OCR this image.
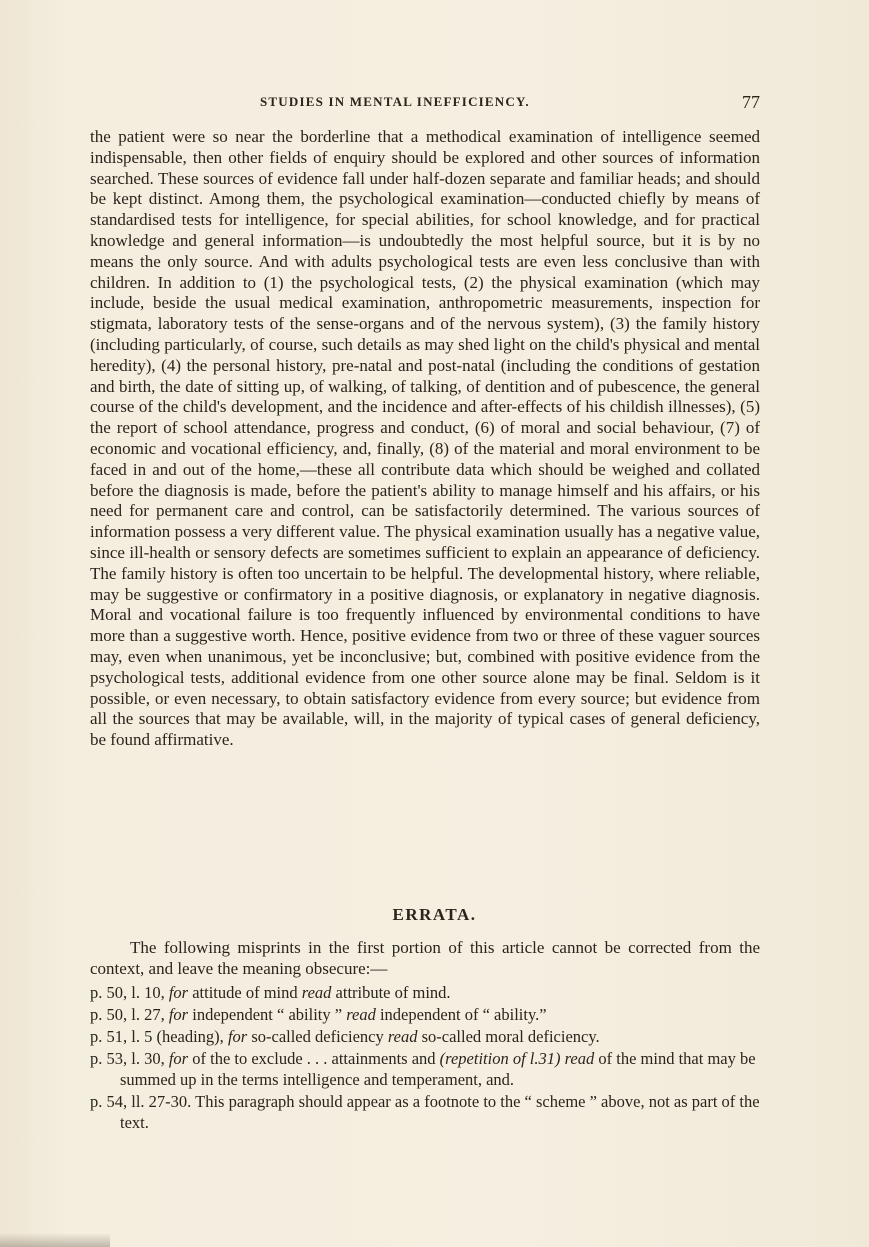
STUDIES IN MENTAL INEFFICIENCY.	77

the patient were so near the borderline that a methodical examination of intelligence seemed indispensable, then other fields of enquiry should be explored and other sources of information searched. These sources of evidence fall under half-dozen separate and familiar heads; and should be kept distinct. Among them, the psychological examination—conducted chiefly by means of standardised tests for intelligence, for special abilities, for school knowledge, and for practical knowledge and general information—is undoubtedly the most helpful source, but it is by no means the only source. And with adults psychological tests are even less conclusive than with children. In addition to (1) the psychological tests, (2) the physical examination (which may include, beside the usual medical examination, anthropometric measurements, inspection for stigmata, laboratory tests of the sense-organs and of the nervous system), (3) the family history (including particularly, of course, such details as may shed light on the child's physical and mental heredity), (4) the personal history, pre-natal and post-natal (including the conditions of gestation and birth, the date of sitting up, of walking, of talking, of dentition and of pubescence, the general course of the child's development, and the incidence and after-effects of his childish illnesses), (5) the report of school attendance, progress and conduct, (6) of moral and social behaviour, (7) of economic and vocational efficiency, and, finally, (8) of the material and moral environment to be faced in and out of the home,—these all contribute data which should be weighed and collated before the diagnosis is made, before the patient's ability to manage himself and his affairs, or his need for permanent care and control, can be satisfactorily determined. The various sources of information possess a very different value. The physical examination usually has a negative value, since ill-health or sensory defects are sometimes sufficient to explain an appearance of deficiency. The family history is often too uncertain to be helpful. The developmental history, where reliable, may be suggestive or confirmatory in a positive diagnosis, or explanatory in negative diagnosis. Moral and vocational failure is too frequently influenced by environmental conditions to have more than a suggestive worth. Hence, positive evidence from two or three of these vaguer sources may, even when unanimous, yet be inconclusive; but, combined with positive evidence from the psychological tests, additional evidence from one other source alone may be final. Seldom is it possible, or even necessary, to obtain satisfactory evidence from every source; but evidence from all the sources that may be available, will, in the majority of typical cases of general deficiency, be found affirmative.

ERRATA.

The following misprints in the first portion of this article cannot be corrected from the context, and leave the meaning obsecure:—

p. 50, l. 10, for attitude of mind read attribute of mind.
p. 50, l. 27, for independent “ ability ” read independent of “ ability.”
p. 51, l. 5 (heading), for so-called deficiency read so-called moral deficiency.
p. 53, l. 30, for of the to exclude . . . attainments and (repetition of l.31) read of the mind that may be summed up in the terms intelligence and temperament, and.
p. 54, ll. 27-30. This paragraph should appear as a footnote to the “ scheme ” above, not as part of the text.
